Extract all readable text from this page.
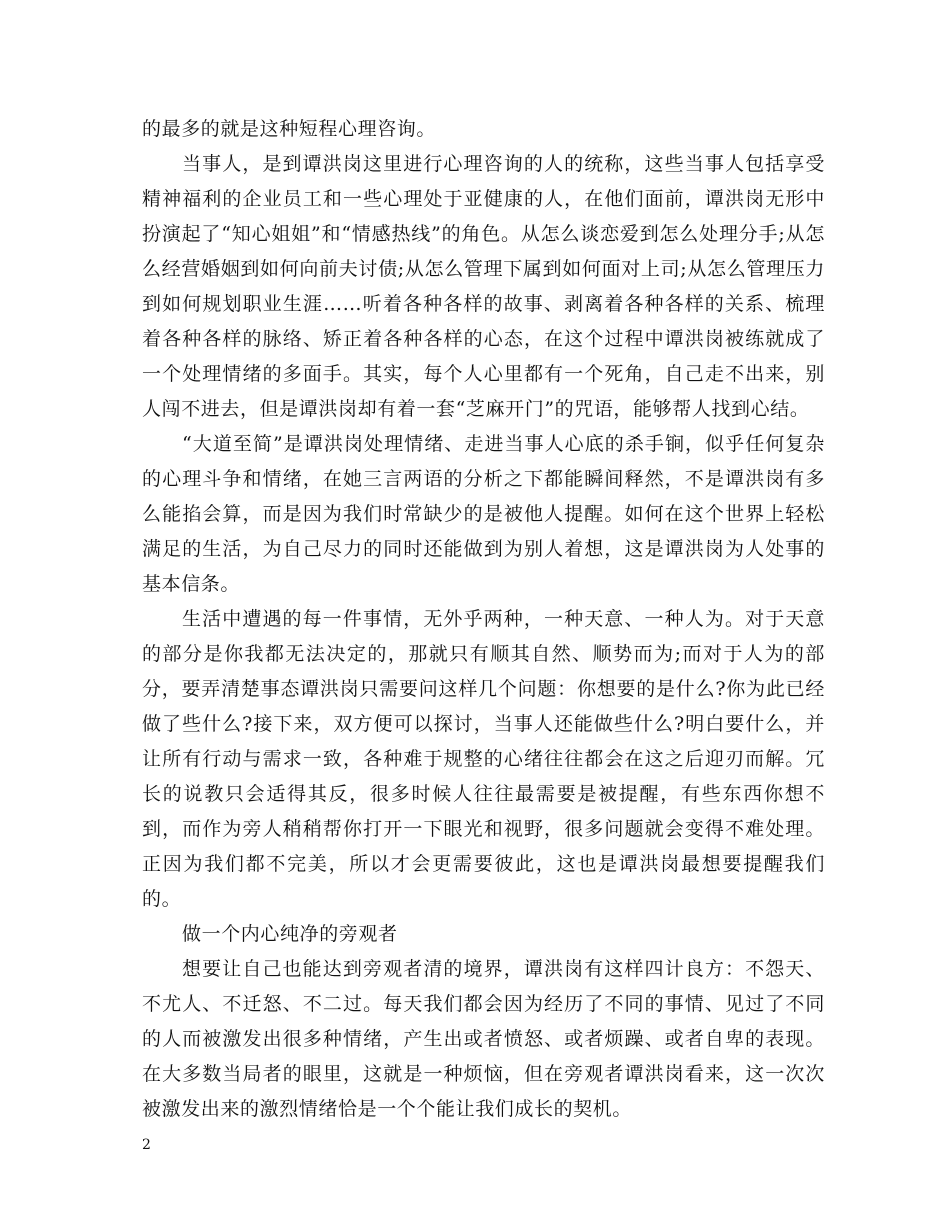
的最多的就是这种短程心理咨询。

当事人，是到谭洪岗这里进行心理咨询的人的统称，这些当事人包括享受精神福利的企业员工和一些心理处于亚健康的人，在他们面前，谭洪岗无形中扮演起了“知心姐姐”和“情感热线”的角色。从怎么谈恋爱到怎么处理分手;从怎么经营婚姻到如何向前夫讨债;从怎么管理下属到如何面对上司;从怎么管理压力到如何规划职业生涯……听着各种各样的故事、剥离着各种各样的关系、梳理着各种各样的脉络、矫正着各种各样的心态，在这个过程中谭洪岗被练就成了一个处理情绪的多面手。其实，每个人心里都有一个死角，自己走不出来，别人闯不进去，但是谭洪岗却有着一套“芝麻开门”的咒语，能够帮人找到心结。

“大道至简”是谭洪岗处理情绪、走进当事人心底的杀手锏，似乎任何复杂的心理斗争和情绪，在她三言两语的分析之下都能瞬间释然，不是谭洪岗有多么能掐会算，而是因为我们时常缺少的是被他人提醒。如何在这个世界上轻松满足的生活，为自己尽力的同时还能做到为别人着想，这是谭洪岗为人处事的基本信条。

生活中遭遇的每一件事情，无外乎两种，一种天意、一种人为。对于天意的部分是你我都无法决定的，那就只有顺其自然、顺势而为;而对于人为的部分，要弄清楚事态谭洪岗只需要问这样几个问题：你想要的是什么?你为此已经做了些什么?接下来，双方便可以探讨，当事人还能做些什么?明白要什么，并让所有行动与需求一致，各种难于规整的心绪往往都会在这之后迎刃而解。冗长的说教只会适得其反，很多时候人往往最需要是被提醒，有些东西你想不到，而作为旁人稍稍帮你打开一下眼光和视野，很多问题就会变得不难处理。正因为我们都不完美，所以才会更需要彼此，这也是谭洪岗最想要提醒我们的。

做一个内心纯净的旁观者

想要让自己也能达到旁观者清的境界，谭洪岗有这样四计良方：不怨天、不尤人、不迁怒、不二过。每天我们都会因为经历了不同的事情、见过了不同的人而被激发出很多种情绪，产生出或者愤怒、或者烦躁、或者自卑的表现。在大多数当局者的眼里，这就是一种烦恼，但在旁观者谭洪岗看来，这一次次被激发出来的激烈情绪恰是一个个能让我们成长的契机。

2
